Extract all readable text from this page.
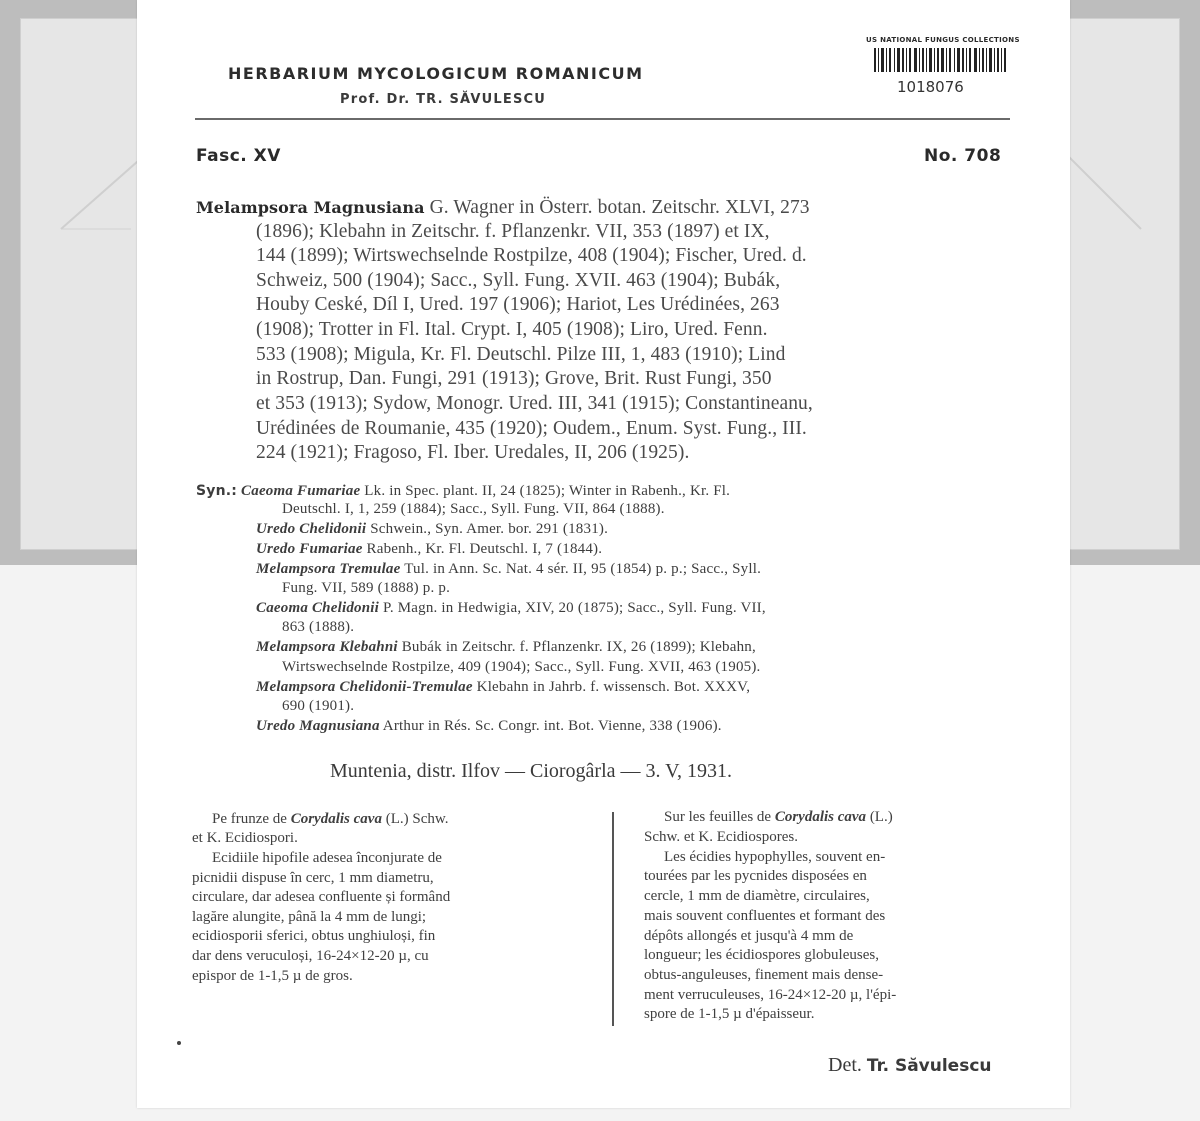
HERBARIUM MYCOLOGICUM ROMANICUM
Prof. Dr. TR. SĂVULESCU
US NATIONAL FUNGUS COLLECTIONS
1018076
Fasc. XV	No. 708
Melampsora Magnusiana G. Wagner in Österr. botan. Zeitschr. XLVI, 273
(1896); Klebahn in Zeitschr. f. Pflanzenkr. VII, 353 (1897) et IX,
144 (1899); Wirtswechselnde Rostpilze, 408 (1904); Fischer, Ured. d.
Schweiz, 500 (1904); Sacc., Syll. Fung. XVII. 463 (1904); Bubák,
Houby Ceské, Díl I, Ured. 197 (1906); Hariot, Les Urédinées, 263
(1908); Trotter in Fl. Ital. Crypt. I, 405 (1908); Liro, Ured. Fenn.
533 (1908); Migula, Kr. Fl. Deutschl. Pilze III, 1, 483 (1910); Lind
in Rostrup, Dan. Fungi, 291 (1913); Grove, Brit. Rust Fungi, 350
et 353 (1913); Sydow, Monogr. Ured. III, 341 (1915); Constantineanu,
Urédinées de Roumanie, 435 (1920); Oudem., Enum. Syst. Fung., III.
224 (1921); Fragoso, Fl. Iber. Uredales, II, 206 (1925).
Syn.: Caeoma Fumariae Lk. in Spec. plant. II, 24 (1825); Winter in Rabenh., Kr. Fl.
Deutschl. I, 1, 259 (1884); Sacc., Syll. Fung. VII, 864 (1888).
Uredo Chelidonii Schwein., Syn. Amer. bor. 291 (1831).
Uredo Fumariae Rabenh., Kr. Fl. Deutschl. I, 7 (1844).
Melampsora Tremulae Tul. in Ann. Sc. Nat. 4 sér. II, 95 (1854) p. p.; Sacc., Syll.
Fung. VII, 589 (1888) p. p.
Caeoma Chelidonii P. Magn. in Hedwigia, XIV, 20 (1875); Sacc., Syll. Fung. VII,
863 (1888).
Melampsora Klebahni Bubák in Zeitschr. f. Pflanzenkr. IX, 26 (1899); Klebahn,
Wirtswechselnde Rostpilze, 409 (1904); Sacc., Syll. Fung. XVII, 463 (1905).
Melampsora Chelidonii-Tremulae Klebahn in Jahrb. f. wissensch. Bot. XXXV,
690 (1901).
Uredo Magnusiana Arthur in Rés. Sc. Congr. int. Bot. Vienne, 338 (1906).
Muntenia, distr. Ilfov — Ciorogârla — 3. V, 1931.
Pe frunze de Corydalis cava (L.) Schw.
et K. Ecidiospori.
Ecidiile hipofile adesea înconjurate de
picnidii dispuse în cerc, 1 mm diametru,
circulare, dar adesea confluente și formând
lagăre alungite, până la 4 mm de lungi;
ecidiosporii sferici, obtus unghiuloși, fin
dar dens veruculoși, 16-24×12-20 µ, cu
epispor de 1-1,5 µ de gros.
Sur les feuilles de Corydalis cava (L.)
Schw. et K. Ecidiospores.
Les écidies hypophylles, souvent en-
tourées par les pycnides disposées en
cercle, 1 mm de diamètre, circulaires,
mais souvent confluentes et formant des
dépôts allongés et jusqu'à 4 mm de
longueur; les écidiospores globuleuses,
obtus-anguleuses, finement mais dense-
ment verruculeuses, 16-24×12-20 µ, l'épi-
spore de 1-1,5 µ d'épaisseur.
Det. Tr. Săvulescu
